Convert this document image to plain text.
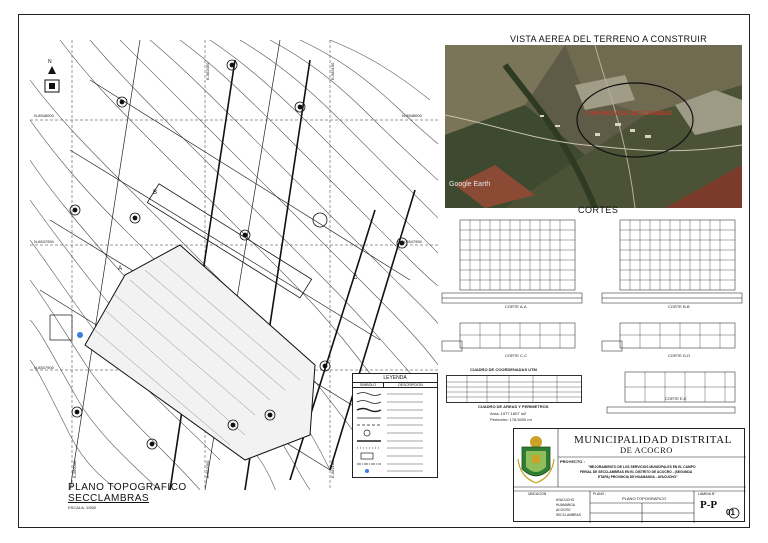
N-8548000
N-8547950
N-8547900
N-8548000
N-8547950
E-582050	E-582100
E-582000	E-582050	E-582100
A
B
C
N
PLANO TOPOGRAFICO
SECCLAMBRAS
ESCALA: 1/500
LEYENDA
SIMBOLO	DESCRIPCION
VISTA AEREA DEL TERRENO A CONSTRUIR
COMUNIDAD DE SECCLAMBRAS
Google Earth
CORTES
CORTE A-A	CORTE B-B
CORTE C-C	CORTE D-D
CORTE E-E
CUADRO DE COORDENADAS UTM
CUADRO DE AREAS Y PERIMETROS
Area: 1977.1607 m2
Perimetro: 178.5000 ml
MUNICIPALIDAD DISTRITAL
DE ACOCRO
PROYECTO :
"MEJORAMIENTO DE LOS SERVICIOS MUNICIPALES EN EL CAMPO
FERIAL DE SECCLAMBRAS EN EL DISTRITO DE ACOCRO - (SEGUNDA
ETAPA) PROVINCIA DE HUAMANGA - AYACUCHO"
UBICACION
AYACUCHO
HUAMANGA
ACOCRO
SECCLAMBRAS
PLANO :
PLANO TOPOGRAFICO
LAMINA N°
P-P
01
